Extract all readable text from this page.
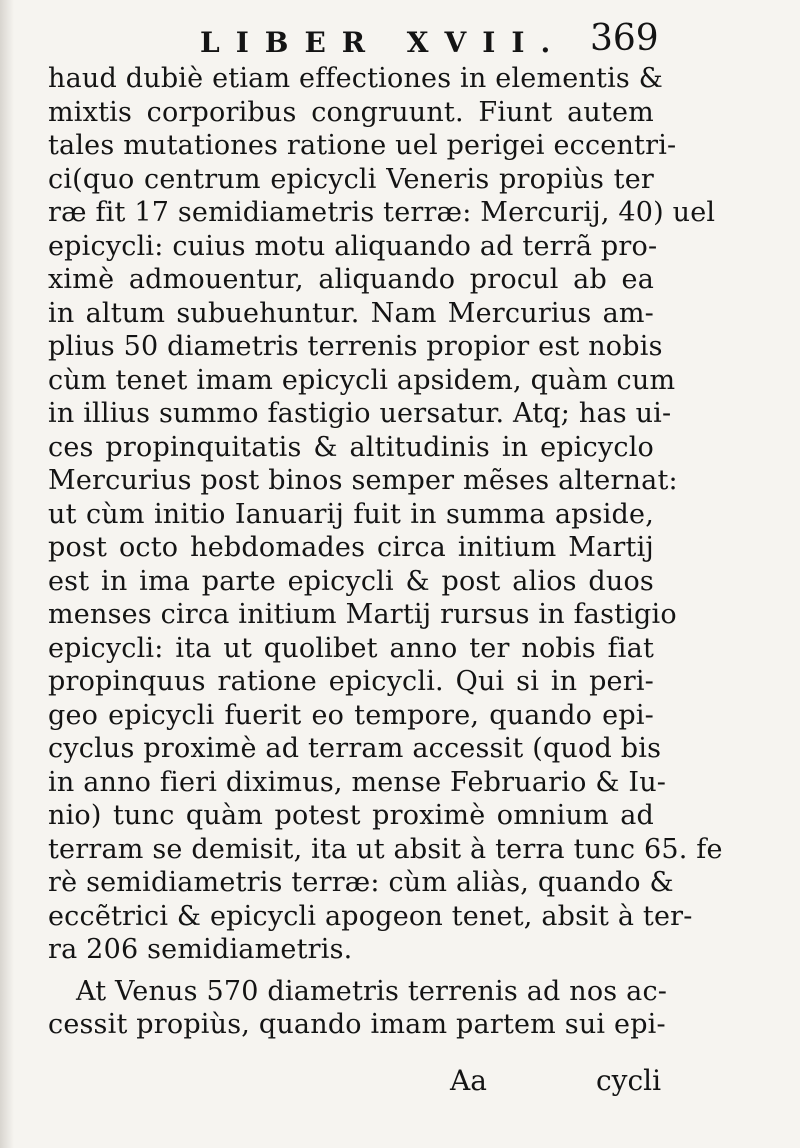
LIBER XVII. 369
haud dubiè etiam effectiones in elementis &
mixtis corporibus congruunt. Fiunt autem
tales mutationes ratione uel perigei eccentri-
ci(quo centrum epicycli Veneris propiùs ter
ræ fit 17 semidiametris terræ: Mercurij, 40) uel
epicycli: cuius motu aliquando ad terrã pro-
ximè admouentur, aliquando procul ab ea
in altum subuehuntur. Nam Mercurius am-
plius 50 diametris terrenis propior est nobis
cùm tenet imam epicycli apsidem, quàm cum
in illius summo fastigio uersatur. Atq; has ui-
ces propinquitatis & altitudinis in epicyclo
Mercurius post binos semper mẽses alternat:
ut cùm initio Ianuarij fuit in summa apside,
post octo hebdomades circa initium Martij
est in ima parte epicycli & post alios duos
menses circa initium Martij rursus in fastigio
epicycli: ita ut quolibet anno ter nobis fiat
propinquus ratione epicycli. Qui si in peri-
geo epicycli fuerit eo tempore, quando epi-
cyclus proximè ad terram accessit (quod bis
in anno fieri diximus, mense Februario & Iu-
nio) tunc quàm potest proximè omnium ad
terram se demisit, ita ut absit à terra tunc 65. fe
rè semidiametris terræ: cùm aliàs, quando &
eccẽtrici & epicycli apogeon tenet, absit à ter-
ra 206 semidiametris.
At Venus 570 diametris terrenis ad nos ac-
cessit propiùs, quando imam partem sui epi-
Aa	cycli
